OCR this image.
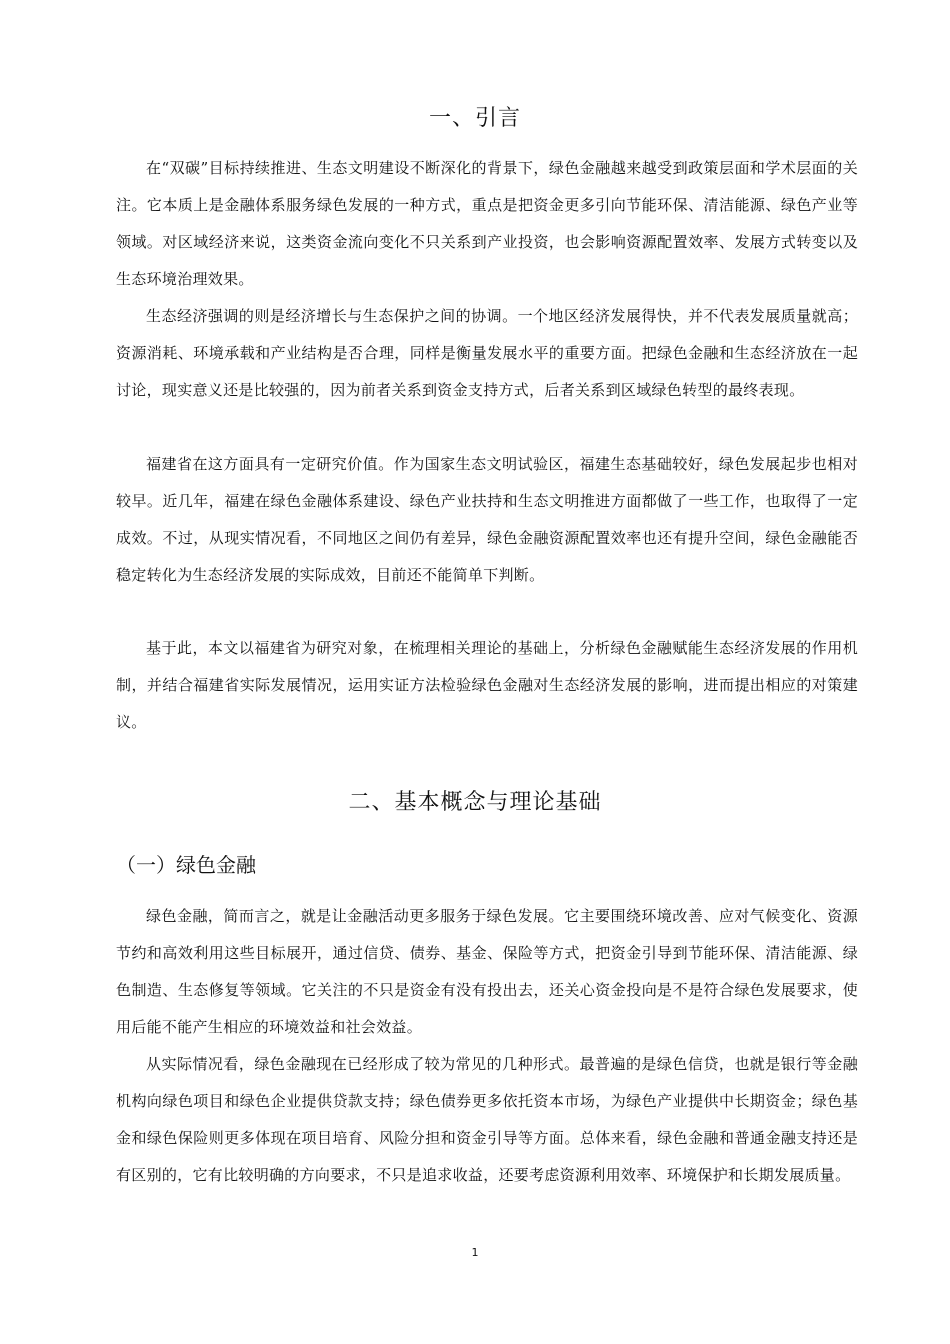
一、引言

在“双碳”目标持续推进、生态文明建设不断深化的背景下，绿色金融越来越受到政策层面和学术层面的关注。它本质上是金融体系服务绿色发展的一种方式，重点是把资金更多引向节能环保、清洁能源、绿色产业等领域。对区域经济来说，这类资金流向变化不只关系到产业投资，也会影响资源配置效率、发展方式转变以及生态环境治理效果。

生态经济强调的则是经济增长与生态保护之间的协调。一个地区经济发展得快，并不代表发展质量就高；资源消耗、环境承载和产业结构是否合理，同样是衡量发展水平的重要方面。把绿色金融和生态经济放在一起讨论，现实意义还是比较强的，因为前者关系到资金支持方式，后者关系到区域绿色转型的最终表现。

福建省在这方面具有一定研究价值。作为国家生态文明试验区，福建生态基础较好，绿色发展起步也相对较早。近几年，福建在绿色金融体系建设、绿色产业扶持和生态文明推进方面都做了一些工作，也取得了一定成效。不过，从现实情况看，不同地区之间仍有差异，绿色金融资源配置效率也还有提升空间，绿色金融能否稳定转化为生态经济发展的实际成效，目前还不能简单下判断。

基于此，本文以福建省为研究对象，在梳理相关理论的基础上，分析绿色金融赋能生态经济发展的作用机制，并结合福建省实际发展情况，运用实证方法检验绿色金融对生态经济发展的影响，进而提出相应的对策建议。

二、基本概念与理论基础
（一）绿色金融

绿色金融，简而言之，就是让金融活动更多服务于绿色发展。它主要围绕环境改善、应对气候变化、资源节约和高效利用这些目标展开，通过信贷、债券、基金、保险等方式，把资金引导到节能环保、清洁能源、绿色制造、生态修复等领域。它关注的不只是资金有没有投出去，还关心资金投向是不是符合绿色发展要求，使用后能不能产生相应的环境效益和社会效益。

从实际情况看，绿色金融现在已经形成了较为常见的几种形式。最普遍的是绿色信贷，也就是银行等金融机构向绿色项目和绿色企业提供贷款支持；绿色债券更多依托资本市场，为绿色产业提供中长期资金；绿色基金和绿色保险则更多体现在项目培育、风险分担和资金引导等方面。总体来看，绿色金融和普通金融支持还是有区别的，它有比较明确的方向要求，不只是追求收益，还要考虑资源利用效率、环境保护和长期发展质量。

1
